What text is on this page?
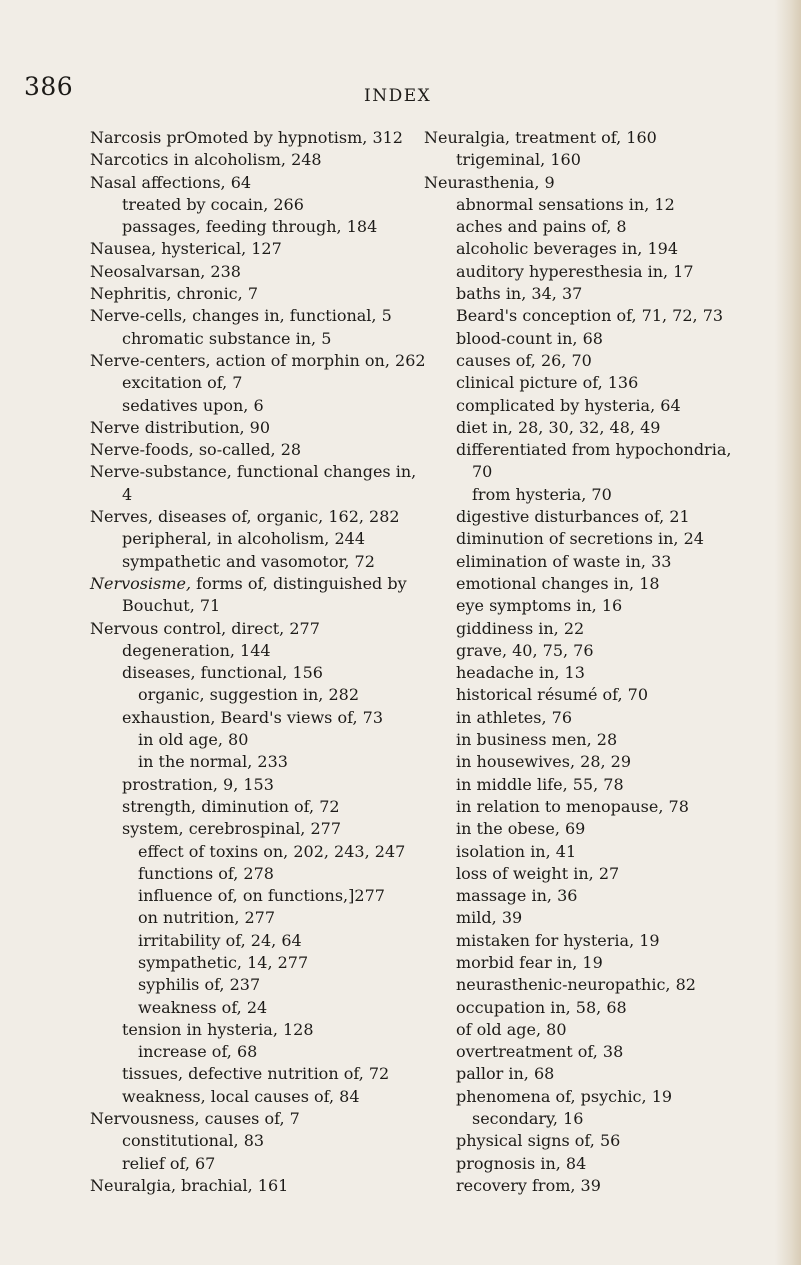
386	INDEX
Narcosis prOmoted by hypnotism, 312
Narcotics in alcoholism, 248
Nasal affections, 64
treated by cocain, 266
passages, feeding through, 184
Nausea, hysterical, 127
Neosalvarsan, 238
Nephritis, chronic, 7
Nerve-cells, changes in, functional, 5
chromatic substance in, 5
Nerve-centers, action of morphin on, 262
excitation of, 7
sedatives upon, 6
Nerve distribution, 90
Nerve-foods, so-called, 28
Nerve-substance, functional changes in,
4
Nerves, diseases of, organic, 162, 282
peripheral, in alcoholism, 244
sympathetic and vasomotor, 72
Nervosisme, forms of, distinguished by
Bouchut, 71
Nervous control, direct, 277
degeneration, 144
diseases, functional, 156
organic, suggestion in, 282
exhaustion, Beard's views of, 73
in old age, 80
in the normal, 233
prostration, 9, 153
strength, diminution of, 72
system, cerebrospinal, 277
effect of toxins on, 202, 243, 247
functions of, 278
influence of, on functions,]277
on nutrition, 277
irritability of, 24, 64
sympathetic, 14, 277
syphilis of, 237
weakness of, 24
tension in hysteria, 128
increase of, 68
tissues, defective nutrition of, 72
weakness, local causes of, 84
Nervousness, causes of, 7
constitutional, 83
relief of, 67
Neuralgia, brachial, 161
Neuralgia, treatment of, 160
trigeminal, 160
Neurasthenia, 9
abnormal sensations in, 12
aches and pains of, 8
alcoholic beverages in, 194
auditory hyperesthesia in, 17
baths in, 34, 37
Beard's conception of, 71, 72, 73
blood-count in, 68
causes of, 26, 70
clinical picture of, 136
complicated by hysteria, 64
diet in, 28, 30, 32, 48, 49
differentiated from hypochondria,
70
from hysteria, 70
digestive disturbances of, 21
diminution of secretions in, 24
elimination of waste in, 33
emotional changes in, 18
eye symptoms in, 16
giddiness in, 22
grave, 40, 75, 76
headache in, 13
historical résumé of, 70
in athletes, 76
in business men, 28
in housewives, 28, 29
in middle life, 55, 78
in relation to menopause, 78
in the obese, 69
isolation in, 41
loss of weight in, 27
massage in, 36
mild, 39
mistaken for hysteria, 19
morbid fear in, 19
neurasthenic-neuropathic, 82
occupation in, 58, 68
of old age, 80
overtreatment of, 38
pallor in, 68
phenomena of, psychic, 19
secondary, 16
physical signs of, 56
prognosis in, 84
recovery from, 39
